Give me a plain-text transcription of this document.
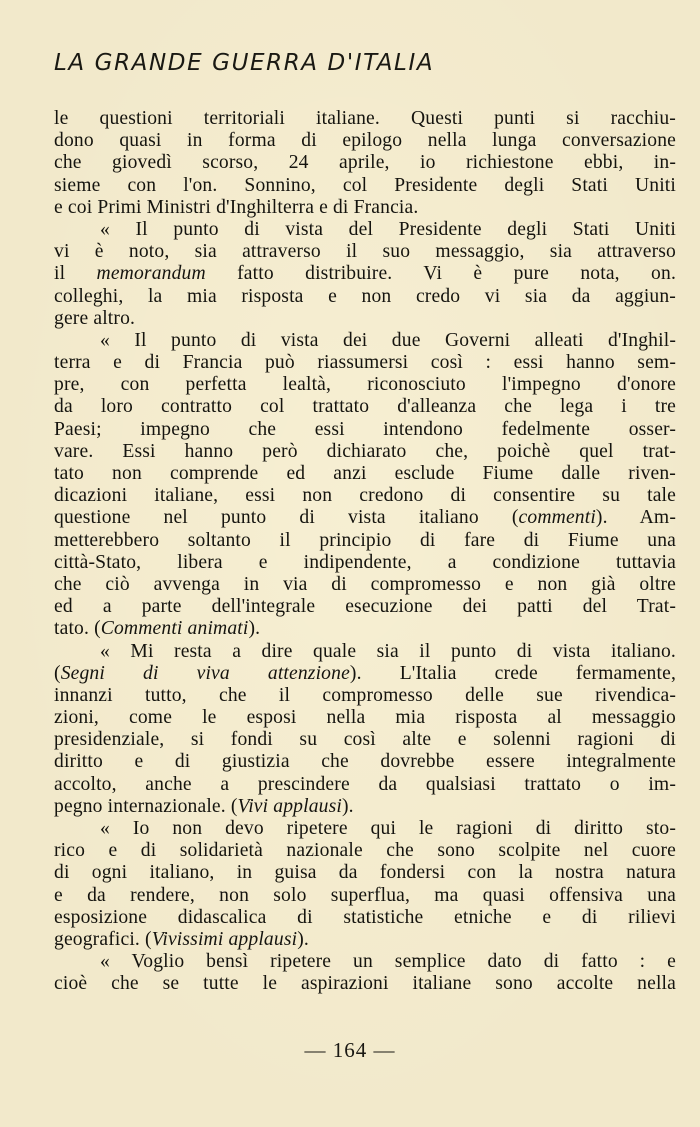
LA GRANDE GUERRA D'ITALIA
le questioni territoriali italiane. Questi punti si racchiu-
dono quasi in forma di epilogo nella lunga conversazione
che giovedì scorso, 24 aprile, io richiestone ebbi, in-
sieme con l'on. Sonnino, col Presidente degli Stati Uniti
e coi Primi Ministri d'Inghilterra e di Francia.
« Il punto di vista del Presidente degli Stati Uniti
vi è noto, sia attraverso il suo messaggio, sia attraverso
il memorandum fatto distribuire. Vi è pure nota, on.
colleghi, la mia risposta e non credo vi sia da aggiun-
gere altro.
« Il punto di vista dei due Governi alleati d'Inghil-
terra e di Francia può riassumersi così : essi hanno sem-
pre, con perfetta lealtà, riconosciuto l'impegno d'onore
da loro contratto col trattato d'alleanza che lega i tre
Paesi; impegno che essi intendono fedelmente osser-
vare. Essi hanno però dichiarato che, poichè quel trat-
tato non comprende ed anzi esclude Fiume dalle riven-
dicazioni italiane, essi non credono di consentire su tale
questione nel punto di vista italiano (commenti). Am-
metterebbero soltanto il principio di fare di Fiume una
città-Stato, libera e indipendente, a condizione tuttavia
che ciò avvenga in via di compromesso e non già oltre
ed a parte dell'integrale esecuzione dei patti del Trat-
tato. (Commenti animati).
« Mi resta a dire quale sia il punto di vista italiano.
(Segni di viva attenzione). L'Italia crede fermamente,
innanzi tutto, che il compromesso delle sue rivendica-
zioni, come le esposi nella mia risposta al messaggio
presidenziale, si fondi su così alte e solenni ragioni di
diritto e di giustizia che dovrebbe essere integralmente
accolto, anche a prescindere da qualsiasi trattato o im-
pegno internazionale. (Vivi applausi).
« Io non devo ripetere qui le ragioni di diritto sto-
rico e di solidarietà nazionale che sono scolpite nel cuore
di ogni italiano, in guisa da fondersi con la nostra natura
e da rendere, non solo superflua, ma quasi offensiva una
esposizione didascalica di statistiche etniche e di rilievi
geografici. (Vivissimi applausi).
« Voglio bensì ripetere un semplice dato di fatto : e
cioè che se tutte le aspirazioni italiane sono accolte nella
— 164 —
